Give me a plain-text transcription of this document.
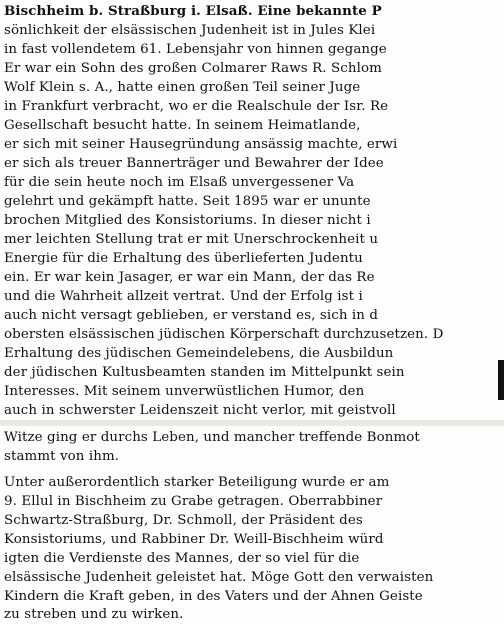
Bischheim b. Straßburg i. Elsaß. Eine bekannte P
sönlichkeit der elsässischen Judenheit ist in Jules Klei
in fast vollendetem 61. Lebensjahr von hinnen gegange
Er war ein Sohn des großen Colmarer Raws R. Schlom
Wolf Klein s. A., hatte einen großen Teil seiner Juge
in Frankfurt verbracht, wo er die Realschule der Isr. Re
Gesellschaft besucht hatte. In seinem Heimatlande,
er sich mit seiner Hausegründung ansässig machte, erwi
er sich als treuer Bannerträger und Bewahrer der Idee
für die sein heute noch im Elsaß unvergessener Va
gelehrt und gekämpft hatte. Seit 1895 war er ununte
brochen Mitglied des Konsistoriums. In dieser nicht i
mer leichten Stellung trat er mit Unerschrockenheit u
Energie für die Erhaltung des überlieferten Judentu
ein. Er war kein Jasager, er war ein Mann, der das Re
und die Wahrheit allzeit vertrat. Und der Erfolg ist i
auch nicht versagt geblieben, er verstand es, sich in d
obersten elsässischen jüdischen Körperschaft durchzusetzen. D
Erhaltung des jüdischen Gemeindelebens, die Ausbildun
der jüdischen Kultusbeamten standen im Mittelpunkt sein
Interesses. Mit seinem unverwüstlichen Humor, den
auch in schwerster Leidenszeit nicht verlor, mit geistvoll
Witze ging er durchs Leben, und mancher treffende Bonmot
stammt von ihm.
Unter außerordentlich starker Beteiligung wurde er am
9. Ellul in Bischheim zu Grabe getragen. Oberrabbiner
Schwartz-Straßburg, Dr. Schmoll, der Präsident des
Konsistoriums, und Rabbiner Dr. Weill-Bischheim würd
igten die Verdienste des Mannes, der so viel für die
elsässische Judenheit geleistet hat. Möge Gott den verwaisten
Kindern die Kraft geben, in des Vaters und der Ahnen Geiste
zu streben und zu wirken.
